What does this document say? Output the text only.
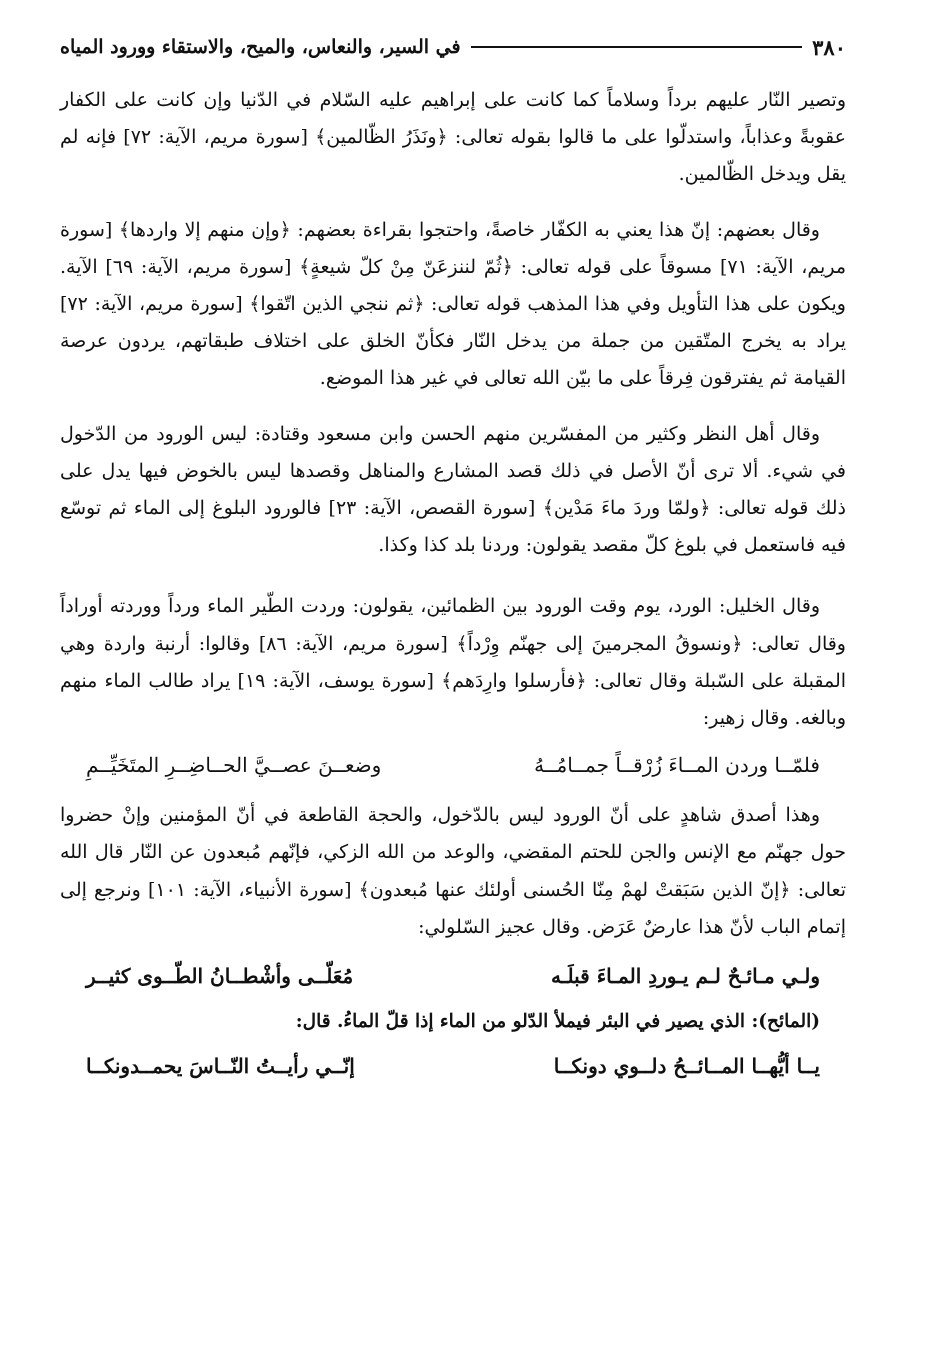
٣٨٠
في السير، والنعاس، والميح، والاستقاء وورود المياه

وتصير النّار عليهم برداً وسلاماً كما كانت على إبراهيم عليه السّلام في الدّنيا وإن كانت على الكفار عقوبةً وعذاباً، واستدلّوا على ما قالوا بقوله تعالى: ﴿ونَذَرُ الظّالمين﴾ [سورة مريم، الآية: ٧٢] فإنه لم يقل ويدخل الظّالمين.

وقال بعضهم: إنّ هذا يعني به الكفّار خاصةً، واحتجوا بقراءة بعضهم: ﴿وإن منهم إلا واردها﴾ [سورة مريم، الآية: ٧١] مسوقاً على قوله تعالى: ﴿ثُمّ لننزعَنّ مِنْ كلّ شيعةٍ﴾ [سورة مريم، الآية: ٦٩] الآية. ويكون على هذا التأويل وفي هذا المذهب قوله تعالى: ﴿ثم ننجي الذين اتّقوا﴾ [سورة مريم، الآية: ٧٢] يراد به يخرج المتّقين من جملة من يدخل النّار فكأنّ الخلق على اختلاف طبقاتهم، يردون عرصة القيامة ثم يفترقون فِرقاً على ما بيّن الله تعالى في غير هذا الموضع.

وقال أهل النظر وكثير من المفسّرين منهم الحسن وابن مسعود وقتادة: ليس الورود من الدّخول في شيء. ألا ترى أنّ الأصل في ذلك قصد المشارع والمناهل وقصدها ليس بالخوض فيها يدل على ذلك قوله تعالى: ﴿ولمّا وردَ ماءَ مَدْين﴾ [سورة القصص، الآية: ٢٣] فالورود البلوغ إلى الماء ثم توسّع فيه فاستعمل في بلوغ كلّ مقصد يقولون: وردنا بلد كذا وكذا.

وقال الخليل: الورد، يوم وقت الورود بين الظمائين، يقولون: وردت الطّير الماء ورداً ووردته أوراداً وقال تعالى: ﴿ونسوقُ المجرمينَ إلى جهنّم وِرْداً﴾ [سورة مريم، الآية: ٨٦] وقالوا: أرنبة واردة وهي المقبلة على السّبلة وقال تعالى: ﴿فأرسلوا وارِدَهم﴾ [سورة يوسف، الآية: ١٩] يراد طالب الماء منهم وبالغه. وقال زهير:

فلمّــا وردن المــاءَ زُرْقــاً جمــامُــهُ
وضعــنَ عصــيَّ الحــاضِــرِ المتَخَيِّــمِ

وهذا أصدق شاهدٍ على أنّ الورود ليس بالدّخول، والحجة القاطعة في أنّ المؤمنين وإنْ حضروا حول جهنّم مع الإنس والجن للحتم المقضي، والوعد من الله الزكي، فإنّهم مُبعدون عن النّار قال الله تعالى: ﴿إنّ الذين سَبَقتْ لهمْ مِنّا الحُسنى أولئك عنها مُبعدون﴾ [سورة الأنبياء، الآية: ١٠١] ونرجع إلى إتمام الباب لأنّ هذا عارضٌ عَرَض. وقال عجيز السّلولي:

ولـي مـائـحٌ لـم يـوردِ المـاءَ قبلَـه
مُعَلّــى وأشْطــانُ الطّــوى كثيــر

(المائح): الذي يصير في البئر فيملأ الدّلو من الماء إذا قلّ الماءُ. قال:

يــا أيُّهــا المــائــحُ دلــوي دونكــا
إنّــي رأيــتُ النّــاسَ يحمــدونكــا
